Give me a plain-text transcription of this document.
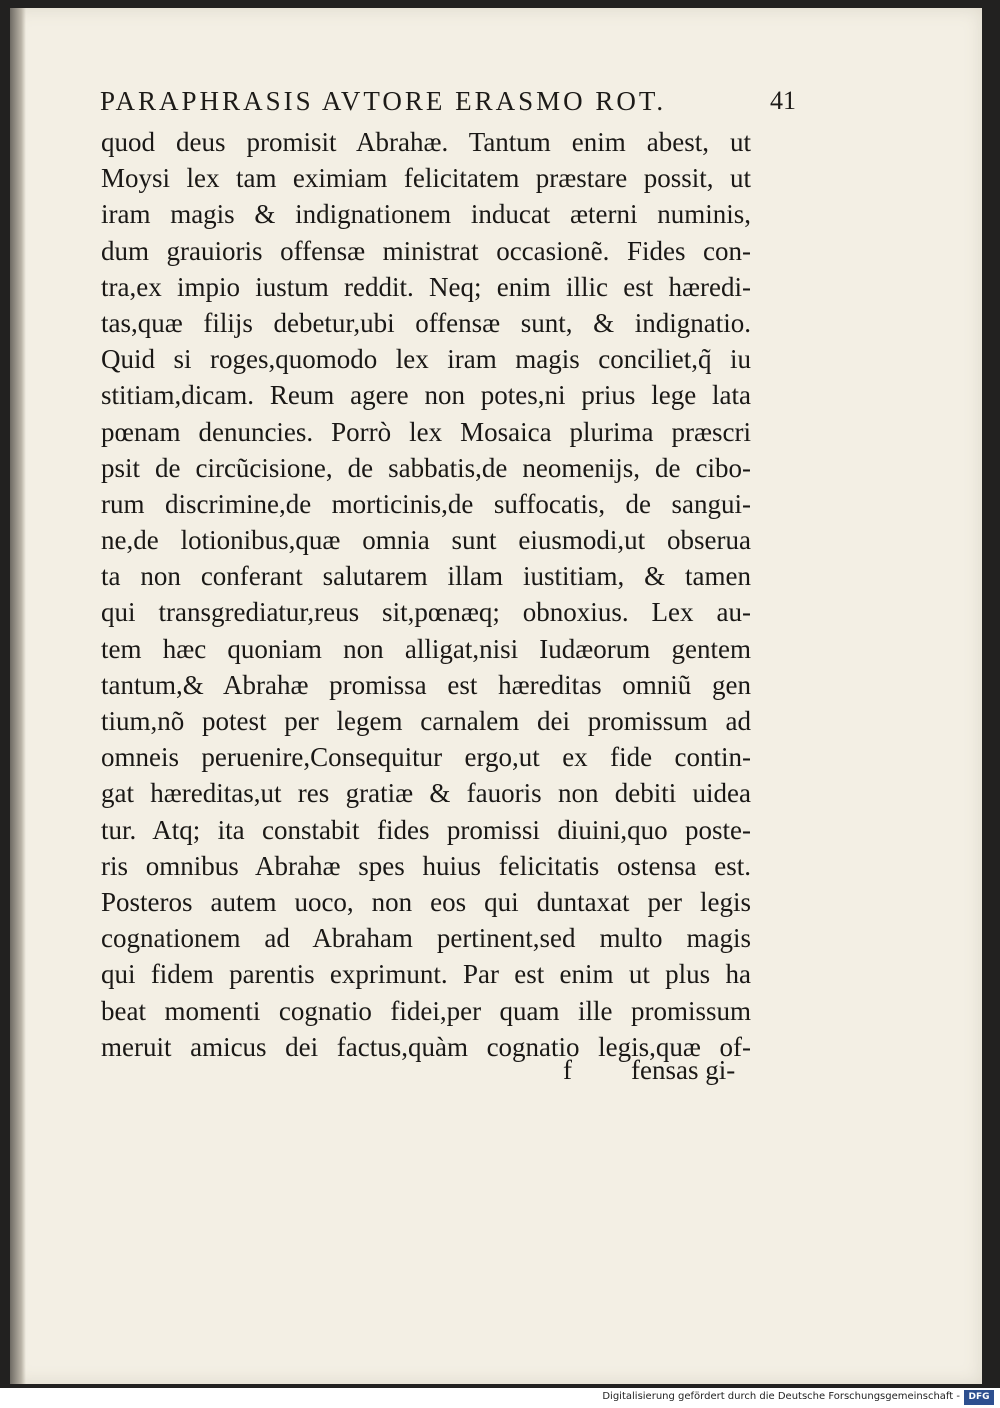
PARAPHRASIS AVTORE ERASMO ROT.	41
quod deus promisit Abrahæ. Tantum enim abest, ut
Moysi lex tam eximiam felicitatem præstare possit, ut
iram magis & indignationem inducat æterni numinis,
dum grauioris offensæ ministrat occasionẽ. Fides con-
tra,ex impio iustum reddit. Neq; enim illic est hæredi-
tas,quæ filijs debetur,ubi offensæ sunt, & indignatio.
Quid si roges,quomodo lex iram magis conciliet,q̃ iu
stitiam,dicam. Reum agere non potes,ni prius lege lata
pœnam denuncies. Porrò lex Mosaica plurima præscri
psit de circũcisione, de sabbatis,de neomenijs, de cibo-
rum discrimine,de morticinis,de suffocatis, de sangui-
ne,de lotionibus,quæ omnia sunt eiusmodi,ut obserua
ta non conferant salutarem illam iustitiam, & tamen
qui transgrediatur,reus sit,pœnæq; obnoxius. Lex au-
tem hæc quoniam non alligat,nisi Iudæorum gentem
tantum,& Abrahæ promissa est hæreditas omniũ gen
tium,nõ potest per legem carnalem dei promissum ad
omneis peruenire,Consequitur ergo,ut ex fide contin-
gat hæreditas,ut res gratiæ & fauoris non debiti uidea
tur. Atq; ita constabit fides promissi diuini,quo poste-
ris omnibus Abrahæ spes huius felicitatis ostensa est.
Posteros autem uoco, non eos qui duntaxat per legis
cognationem ad Abraham pertinent,sed multo magis
qui fidem parentis exprimunt. Par est enim ut plus ha
beat momenti cognatio fidei,per quam ille promissum
meruit amicus dei factus,quàm cognatio legis,quæ of-
f fensas gi-
Digitalisierung gefördert durch die Deutsche Forschungsgemeinschaft - DFG
